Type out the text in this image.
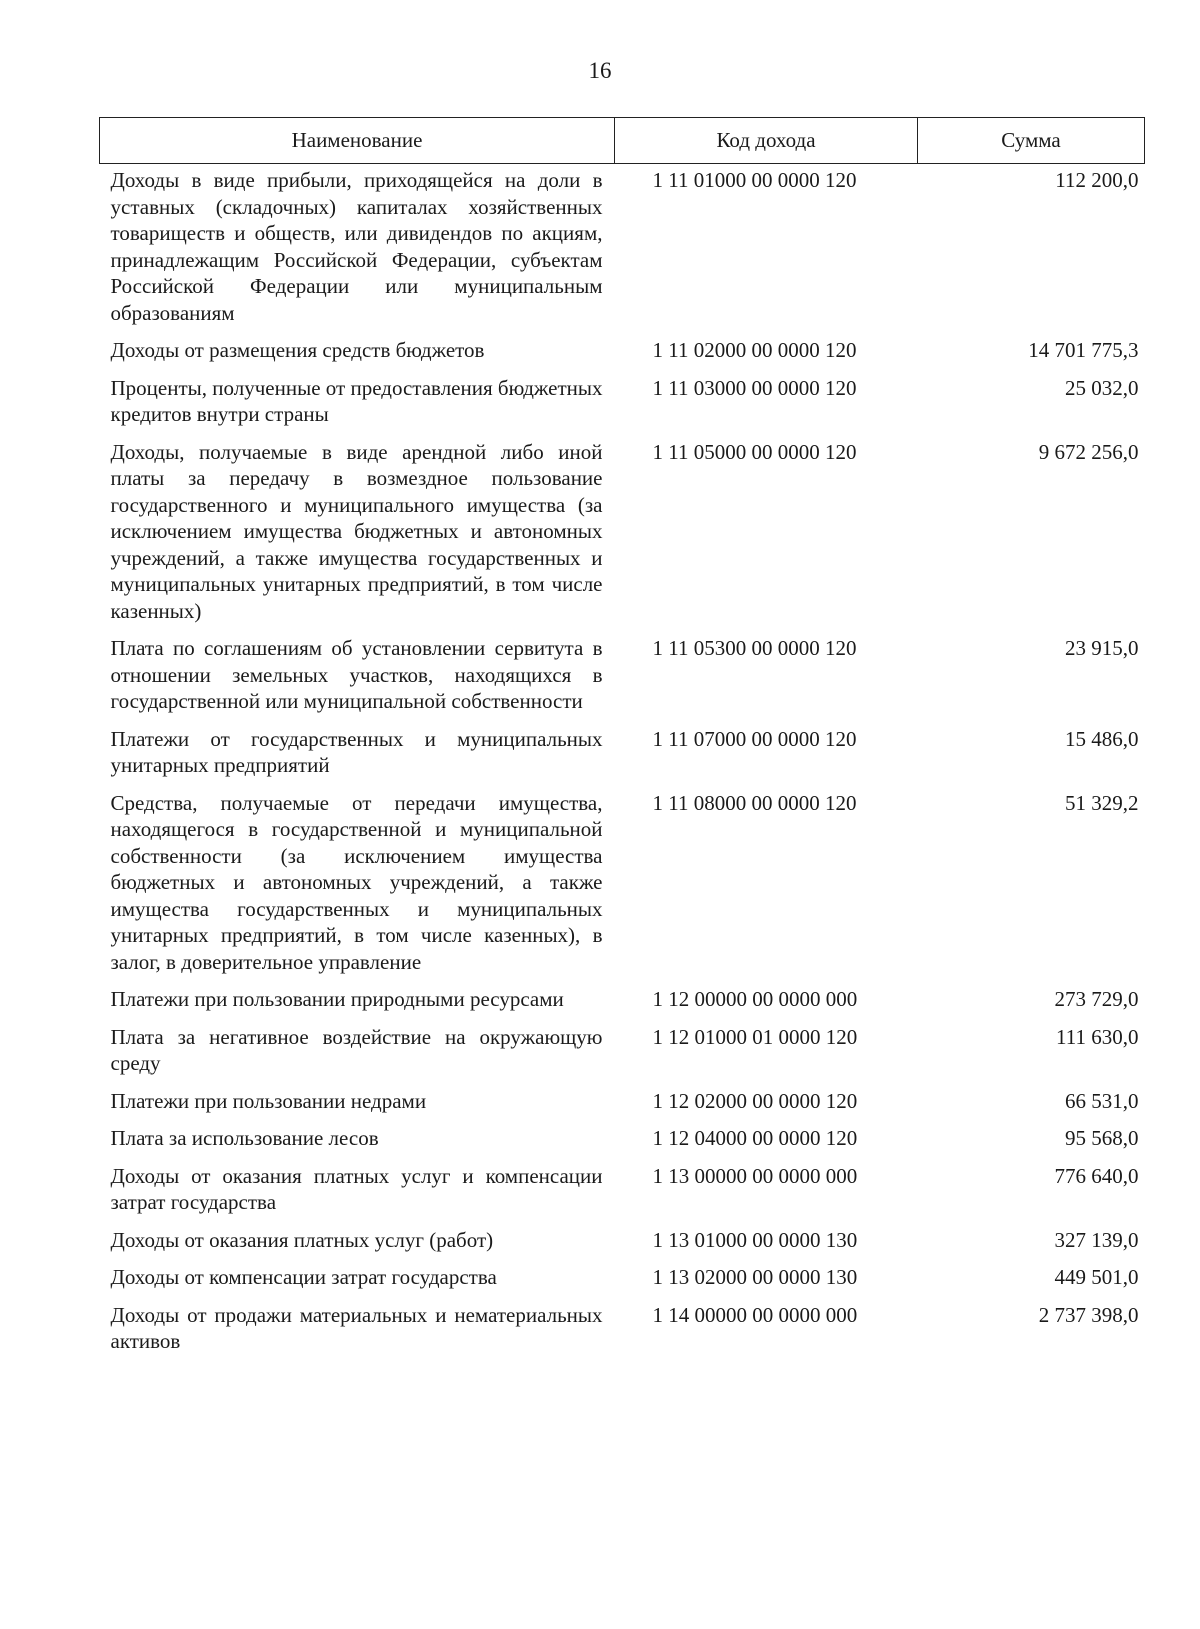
16
Наименование	Код дохода	Сумма
Доходы в виде прибыли, приходящейся на доли в уставных (складочных) капиталах хозяйственных товариществ и обществ, или дивидендов по акциям, принадлежащим Российской Федерации, субъектам Российской Федерации или муниципальным образованиям	1 11 01000 00 0000 120	112 200,0
Доходы от размещения средств бюджетов	1 11 02000 00 0000 120	14 701 775,3
Проценты, полученные от предоставления бюджетных кредитов внутри страны	1 11 03000 00 0000 120	25 032,0
Доходы, получаемые в виде арендной либо иной платы за передачу в возмездное пользование государственного и муниципального имущества (за исключением имущества бюджетных и автономных учреждений, а также имущества государственных и муниципальных унитарных предприятий, в том числе казенных)	1 11 05000 00 0000 120	9 672 256,0
Плата по соглашениям об установлении сервитута в отношении земельных участков, находящихся в государственной или муниципальной собственности	1 11 05300 00 0000 120	23 915,0
Платежи от государственных и муниципальных унитарных предприятий	1 11 07000 00 0000 120	15 486,0
Средства, получаемые от передачи имущества, находящегося в государственной и муниципальной собственности (за исключением имущества бюджетных и автономных учреждений, а также имущества государственных и муниципальных унитарных предприятий, в том числе казенных), в залог, в доверительное управление	1 11 08000 00 0000 120	51 329,2
Платежи при пользовании природными ресурсами	1 12 00000 00 0000 000	273 729,0
Плата за негативное воздействие на окружающую среду	1 12 01000 01 0000 120	111 630,0
Платежи при пользовании недрами	1 12 02000 00 0000 120	66 531,0
Плата за использование лесов	1 12 04000 00 0000 120	95 568,0
Доходы от оказания платных услуг и компенсации затрат государства	1 13 00000 00 0000 000	776 640,0
Доходы от оказания платных услуг (работ)	1 13 01000 00 0000 130	327 139,0
Доходы от компенсации затрат государства	1 13 02000 00 0000 130	449 501,0
Доходы от продажи материальных и нематериальных активов	1 14 00000 00 0000 000	2 737 398,0
